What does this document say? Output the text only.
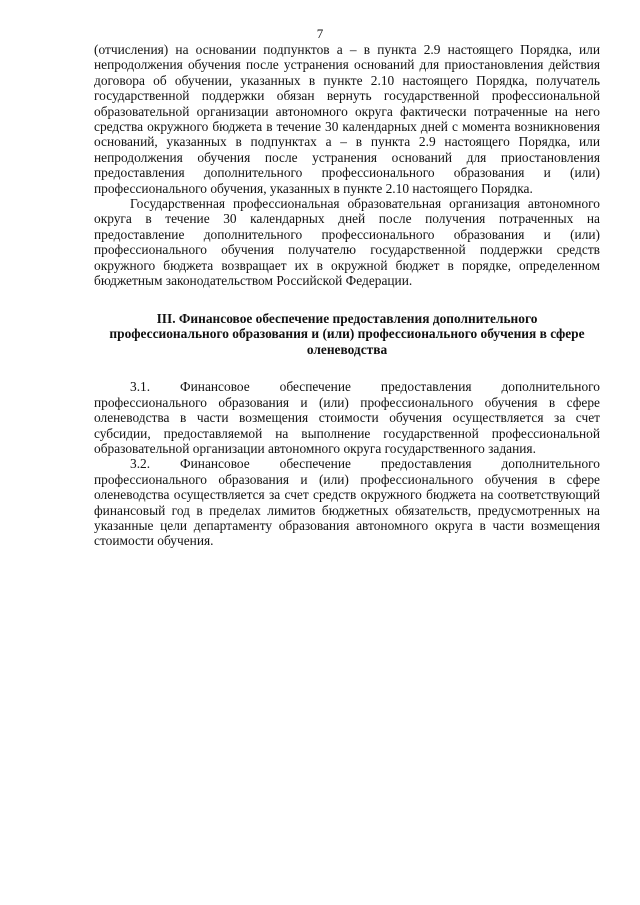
7

(отчисления) на основании подпунктов а – в пункта 2.9 настоящего Порядка, или непродолжения обучения после устранения оснований для приостановления действия договора об обучении, указанных в пункте 2.10 настоящего Порядка, получатель государственной поддержки обязан вернуть государственной профессиональной образовательной организации автономного округа фактически потраченные на него средства окружного бюджета в течение 30 календарных дней с момента возникновения оснований, указанных в подпунктах а – в пункта 2.9 настоящего Порядка, или непродолжения обучения после устранения оснований для приостановления предоставления дополнительного профессионального образования и (или) профессионального обучения, указанных в пункте 2.10 настоящего Порядка.

Государственная профессиональная образовательная организация автономного округа в течение 30 календарных дней после получения потраченных на предоставление дополнительного профессионального образования и (или) профессионального обучения получателю государственной поддержки средств окружного бюджета возвращает их в окружной бюджет в порядке, определенном бюджетным законодательством Российской Федерации.

III. Финансовое обеспечение предоставления дополнительного профессионального образования и (или) профессионального обучения в сфере оленеводства

3.1. Финансовое обеспечение предоставления дополнительного профессионального образования и (или) профессионального обучения в сфере оленеводства в части возмещения стоимости обучения осуществляется за счет субсидии, предоставляемой на выполнение государственной профессиональной образовательной организации автономного округа государственного задания.

3.2. Финансовое обеспечение предоставления дополнительного профессионального образования и (или) профессионального обучения в сфере оленеводства осуществляется за счет средств окружного бюджета на соответствующий финансовый год в пределах лимитов бюджетных обязательств, предусмотренных на указанные цели департаменту образования автономного округа в части возмещения стоимости обучения.
